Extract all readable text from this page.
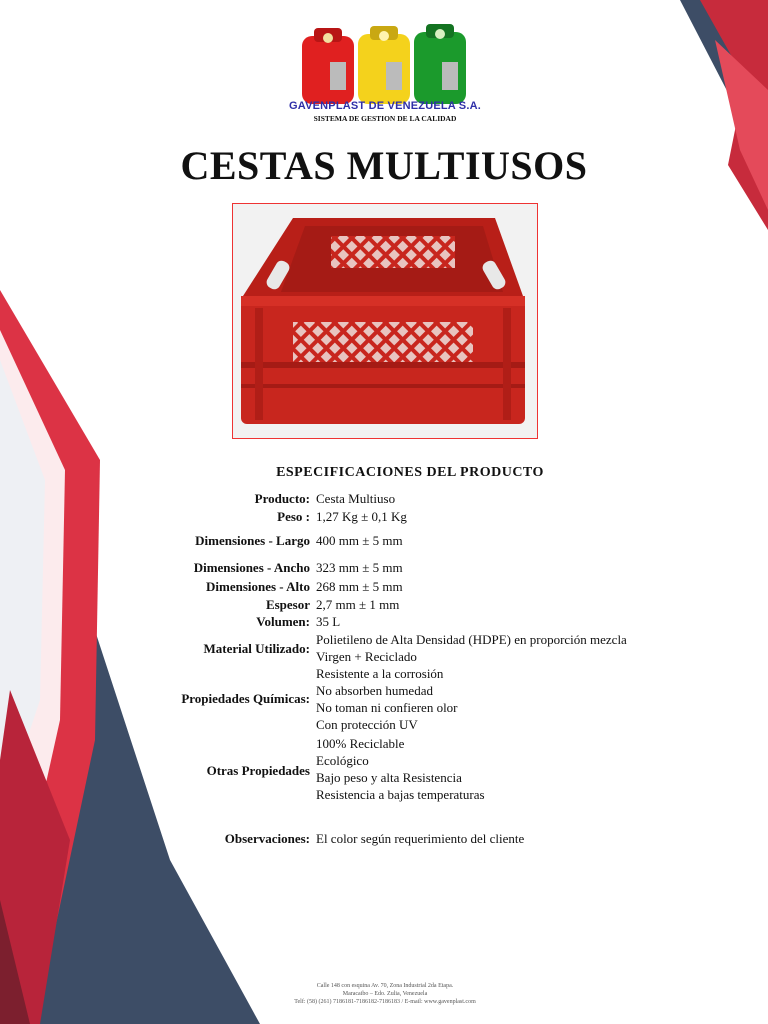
GAVENPLAST DE VENEZUELA S.A.
SISTEMA DE GESTION DE LA CALIDAD
CESTAS MULTIUSOS
ESPECIFICACIONES DEL PRODUCTO
Producto: Cesta Multiuso
Peso : 1,27 Kg ± 0,1 Kg
Dimensiones - Largo 400 mm ± 5 mm
Dimensiones - Ancho 323 mm ± 5 mm
Dimensiones - Alto 268 mm ± 5 mm
Espesor 2,7 mm ± 1 mm
Volumen: 35 L
Material Utilizado:
Polietileno de Alta Densidad (HDPE) en proporción mezcla
Virgen + Reciclado
Propiedades Químicas:
Resistente a la corrosión
No absorben humedad
No toman ni confieren olor
Con protección UV
Otras Propiedades
100% Reciclable
Ecológico
Bajo peso y alta Resistencia
Resistencia a bajas temperaturas
Observaciones: El color según requerimiento del cliente
Calle 148 con esquina Av. 70, Zona Industrial 2da Etapa.
Maracaibo – Edo. Zulia, Venezuela
Telf: (58) (261) 7186181-7186182-7186183 / E-mail: www.gavenplast.com
